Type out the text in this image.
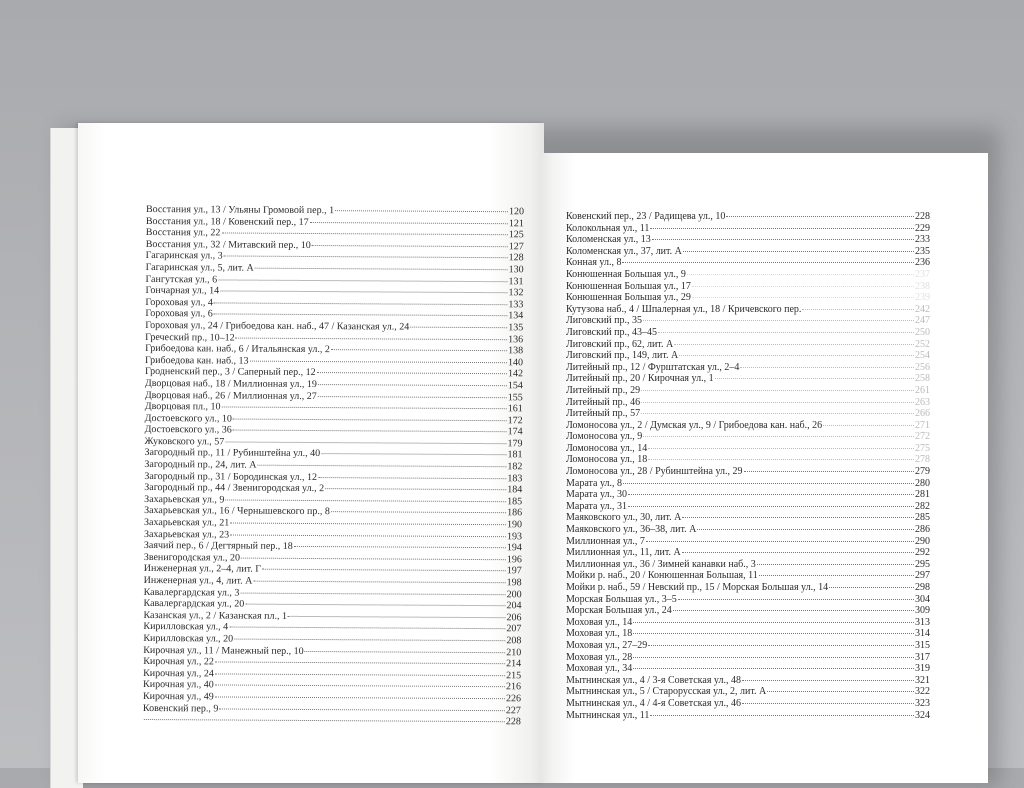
Восстания ул., 13 / Ульяны Громовой пер., 1	120
Восстания ул., 18 / Ковенский пер., 17	121
Восстания ул., 22	125
Восстания ул., 32 / Митавский пер., 10	127
Гагаринская ул., 3	128
Гагаринская ул., 5, лит. А	130
Гангутская ул., 6	131
Гончарная ул., 14	132
Гороховая ул., 4	133
Гороховая ул., 6	134
Гороховая ул., 24 / Грибоедова кан. наб., 47 / Казанская ул., 24	135
Греческий пр., 10–12	136
Грибоедова кан. наб., 6 / Итальянская ул., 2	138
Грибоедова кан. наб., 13	140
Гродненский пер., 3 / Саперный пер., 12	142
Дворцовая наб., 18 / Миллионная ул., 19	154
Дворцовая наб., 26 / Миллионная ул., 27	155
Дворцовая пл., 10	161
Достоевского ул., 10	172
Достоевского ул., 36	174
Жуковского ул., 57	179
Загородный пр., 11 / Рубинштейна ул., 40	181
Загородный пр., 24, лит. А	182
Загородный пр., 31 / Бородинская ул., 12	183
Загородный пр., 44 / Звенигородская ул., 2	184
Захарьевская ул., 9	185
Захарьевская ул., 16 / Чернышевского пр., 8	186
Захарьевская ул., 21	190
Захарьевская ул., 23	193
Заячий пер., 6 / Дегтярный пер., 18	194
Звенигородская ул., 20	196
Инженерная ул., 2–4, лит. Г	197
Инженерная ул., 4, лит. А	198
Кавалергардская ул., 3	200
Кавалергардская ул., 20	204
Казанская ул., 2 / Казанская пл., 1	206
Кирилловская ул., 4	207
Кирилловская ул., 20	208
Кирочная ул., 11 / Манежный пер., 10	210
Кирочная ул., 22	214
Кирочная ул., 24	215
Кирочная ул., 40	216
Кирочная ул., 49	226
Ковенский пер., 9	227
228
Ковенский пер., 23 / Радищева ул., 10	228
Колокольная ул., 11	229
Коломенская ул., 13	233
Коломенская ул., 37, лит. А	235
Конная ул., 8	236
Конюшенная Большая ул., 9	237
Конюшенная Большая ул., 17	238
Конюшенная Большая ул., 29	239
Кутузова наб., 4 / Шпалерная ул., 18 / Кричевского пер.	242
Лиговский пр., 35	247
Лиговский пр., 43–45	250
Лиговский пр., 62, лит. А	252
Лиговский пр., 149, лит. А	254
Литейный пр., 12 / Фурштатская ул., 2–4	256
Литейный пр., 20 / Кирочная ул., 1	258
Литейный пр., 29	261
Литейный пр., 46	263
Литейный пр., 57	266
Ломоносова ул., 2 / Думская ул., 9 / Грибоедова кан. наб., 26	271
Ломоносова ул., 9	272
Ломоносова ул., 14	275
Ломоносова ул., 18	278
Ломоносова ул., 28 / Рубинштейна ул., 29	279
Марата ул., 8	280
Марата ул., 30	281
Марата ул., 31	282
Маяковского ул., 30, лит. А	285
Маяковского ул., 36–38, лит. А	286
Миллионная ул., 7	290
Миллионная ул., 11, лит. А	292
Миллионная ул., 36 / Зимней канавки наб., 3	295
Мойки р. наб., 20 / Конюшенная Большая, 11	297
Мойки р. наб., 59 / Невский пр., 15 / Морская Большая ул., 14	298
Морская Большая ул., 3–5	304
Морская Большая ул., 24	309
Моховая ул., 14	313
Моховая ул., 18	314
Моховая ул., 27–29	315
Моховая ул., 28	317
Моховая ул., 34	319
Мытнинская ул., 4 / 3-я Советская ул., 48	321
Мытнинская ул., 5 / Старорусская ул., 2, лит. А	322
Мытнинская ул., 4 / 4-я Советская ул., 46	323
Мытнинская ул., 11	324
